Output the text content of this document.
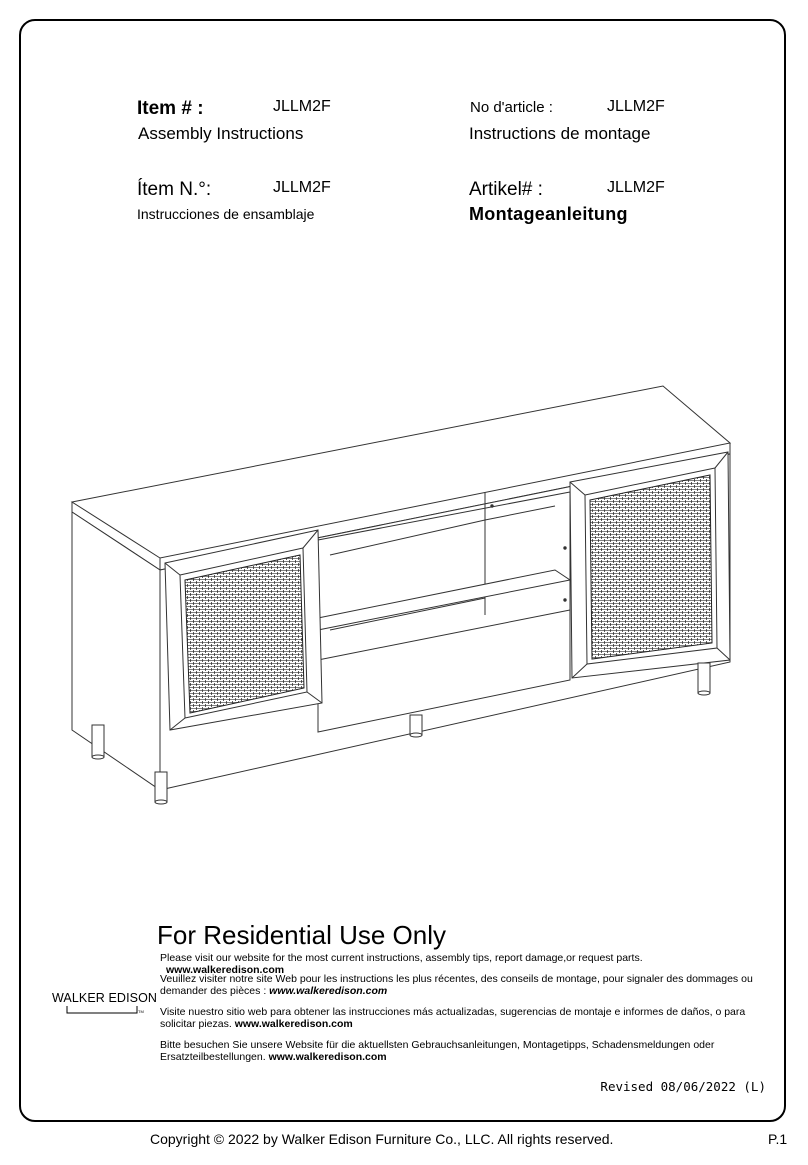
Item # :	JLLM2F
Assembly Instructions
No d'article :	JLLM2F
Instructions de montage
Ítem N.°:	JLLM2F
Instrucciones de ensamblaje
Artikel# :	JLLM2F
Montageanleitung
For Residential Use Only
Please visit our website for the most current instructions, assembly tips, report damage,or request parts. www.walkeredison.com
Veuillez visiter notre site Web pour les instructions les plus récentes, des conseils de montage, pour signaler des dommages ou demander des pièces : www.walkeredison.com
Visite nuestro sitio web para obtener las instrucciones más actualizadas, sugerencias de montaje e informes de daños, o para solicitar piezas. www.walkeredison.com
Bitte besuchen Sie unsere Website für die aktuellsten Gebrauchsanleitungen, Montagetipps, Schadensmeldungen oder Ersatzteilbestellungen. www.walkeredison.com
WALKER EDISON
TM
Revised 08/06/2022 (L)
Copyright © 2022 by Walker Edison Furniture Co., LLC. All rights reserved.	P.1
